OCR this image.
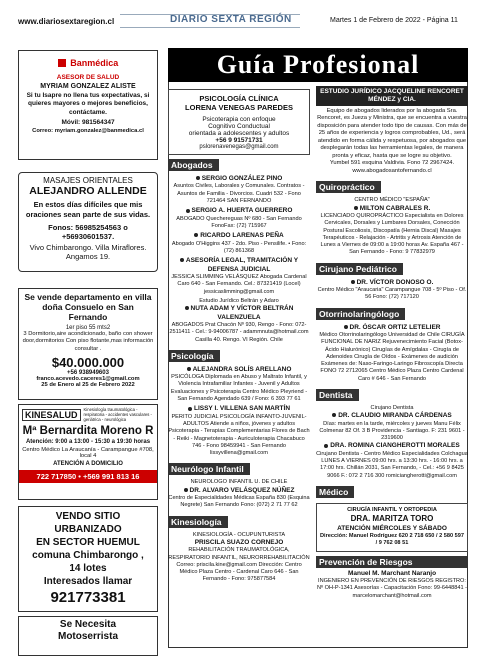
www.diariosextaregion.cl	DIARIO SEXTA REGIÓN	Martes 1 de Febrero de 2022 - Página 11
Banmédica
ASESOR DE SALUD
MYRIAM GONZALEZ ALISTE
Si tu Isapre no llena tus expectativas, si quieres mayores o mejores beneficios, contáctame.
Móvil: 981564347
Correo: myriam.gonzalez@banmedica.cl
MASAJES ORIENTALES
ALEJANDRO ALLENDE
En estos días difíciles que mis oraciones sean parte de sus vidas.
Fonos: 56985254563 o +56930601537.
Vivo Chimbarongo. Villa Miraflores. Angamos 19.
Se vende departamento en villa doña Consuelo en San Fernando
1er piso 55 mts2
3 Dormitorio,aire acondicionado, baño con shower door,dormitorios Con piso flotante,mas información consultar .
$40.000.000
+56 938949603
franco.acevedo.caceres1@gmail.com
25 de Enero al 25 de Febrero 2022
KINESALUD
Kinesiología traumatológica - respiratoria - accidentes vasculares - geriátrica - neurológica
Mª Bernardita Moreno R
Atención: 9:00 a 13:00 - 15:30 a 19:30 horas
Centro Médico La Araucanía - Carampangue #708, local 4
ATENCIÓN A DOMICILIO
722 717850 • +569 991 813 16
VENDO SITIO URBANIZADO
EN SECTOR HUEMUL
comuna Chimbarongo ,
14 lotes
Interesados llamar
921773381
Se Necesita
Motoserrista
Guía Profesional
PSICOLOGÍA CLÍNICA
LORENA VENEGAS PAREDES
Psicoterapia con enfoque
Cognitivo Conductual
orientada a adolescentes y adultos
+56 9 91571731
pslorenavenegas@gmail.com
Abogados
SERGIO GONZÁLEZ PINO
Asuntos Civiles, Laborales y Comunales. Contratos - Asuntos de Familia - Divorcios. Cuadri 532 - Fono 721464 SAN FERNANDO
SERGIO A. HUERTA GUERRERO
ABOGADO Quechereguas Nº 680 - San Fernando FonoFax: (72) 715967
RICARDO LARENAS PEÑA
Abogado O'Higgins 437 - 2do. Piso - Pensilife. • Fono: (72) 861368
ASESORÍA LEGAL, TRAMITACIÓN Y DEFENSA JUDICIAL
JESSICA SLIMMING VELÁSQUEZ Abogada Cardenal Caro 640 - San Fernando. Cel.: 87321419 (Locel) jessicaslimming@gmail.com
Estudio Jurídico Beltrán y Adaro
NUTA ADAM Y VÍCTOR BELTRÁN VALENZUELA
ABOGADOS Prat Chacón Nº 930, Rengo - Fono: 072-2511411 - Cel.: 9-94006787 - adammnuta@hotmail.com Casilla 40. Rengo. VI Región. Chile
Psicología
ALEJANDRA SOLÍS ARELLANO
PSICÓLOGA Diplomada en Abuso y Maltrato Infantil, y Violencia Intrafamiliar Infantes - Juvenil y Adultos Evaluaciones y Psicoterapia Centro Médico Pleyriend - San Fernando Agendado 639 / Fono: 6 393 77 61
LISSY I. VILLENA SAN MARTÍN
PERITO JUDICIAL PSICOLOGÍA INFANTO-JUVENIL-ADULTOS Atiende a niños, jóvenes y adultos Psicoterapia - Terapias Complementarias Flores de Bach - Reiki - Magnetoterapia - Auriculoterapia Chacabuco 746 - Fono 98459941 - San Fernando lissyvillena@gmail.com
Neurólogo Infantil
NEUROLOGO INFANTIL U. DE CHILE
DR. ALVARO VELÁSQUEZ NÚÑEZ
Centro de Especialidades Médicas España 830 (Esquina Negrete) San Fernando Fono: (072) 2 71 77 62
Kinesiología
KINESIOLOGÍA - OCUPUNTURISTA
PRISCILA SUAZO CORNEJO
REHABILITACIÓN TRAUMATOLÓGICA, RESPIRATORIO INFANTIL, NEURORREHABILITACIÓN Correo: priscila.kine@gmail.com Dirección: Centro Médico Plaza Centro - Cardenal Caro 646 - San Fernando - Fono: 975877584
ESTUDIO JURÍDICO JACQUELINE RENCORET MÉNDEZ y CIA.
Equipo de abogados liderados por la abogada Sra. Rencoret, es Jueza y Ministra, que se encuentra a vuestra disposición para atender todo tipo de causas. Con más de 25 años de experiencia y logros comprobables, Ud., será atendido en forma cálida y respetuosa, por abogados que desplegarán todas las herramientas legales, de manera pronta y eficaz, hasta que se logre su objetivo.
Yumbel 591 esquina Valdivia. Fono 72 2967424.
www.abogadosantofernando.cl
Quiropráctico
CENTRO MÉDICO "ESPAÑA"
MILTON CABRALES R.
LICENCIADO QUIROPRÁCTICO Especialista en Dolores Cervicales, Dorsales y Lumbares Dorsales, Conección Postural Escoliosis, Discopatía (Hernia Discal) Masajes Terapéuticos - Relajación - Artritis y Artrosis Atención de Lunes a Viernes de 09:00 a 19:00 horas Av. España 467 - San Fernando - Fono: 9 77832979
Cirujano Pediátrico
DR. VÍCTOR DONOSO O.
Centro Médico "Araucaria" Carampangue 708 - 5º Piso - Of. 56 Fono: (72) 717120
Otorrinolaringólogo
DR. ÓSCAR ORTIZ LETELIER
Médico Otorrinolaringólogo Universidad de Chile CIRUGÍA FUNCIONAL DE NARIZ Rejuvenecimiento Facial (Botox-Ácido Hialurónico) Cirugías de Amígdalas - Cirugía de Adenoides Cirugía de Oídos - Exámenes de audición Exámenes de: Naso-Faringo-Laringo Fibroscopía Directa FONO 72 2712065 Centro Médico Plaza Centro Cardenal Caro # 646 - San Fernando
Dentista
Cirujano Dentista
DR. CLAUDIO MIRANDA CÁRDENAS
Días: martes en la tarde, miércoles y jueves Manu Félix Colmenar 82 Of. 3 B Providencia - Santiago. F: 231 9601 - 2319600
DRA. ROMINA CIANGHEROTTI MORALES
Cirujano Dentista - Centro Médico Especialidades Colchagua LUNES A VIERNES 09:00 hrs. a 13:30 hrs. - 16:00 hrs. a 17:00 hrs. Chillán 2031, San Fernando, - Cel.: +56 9 8425 9066 F.: 072 2 716 300 romiciangherotti@gmail.com
Médico
CIRUGÍA INFANTIL Y ORTOPEDIA
DRA. MARITZA TORO
ATENCIÓN MIÉRCOLES Y SÁBADO
Dirección: Manuel Rodríguez 620 2 718 650 / 2 580 597 / 9 762 08 51
Prevención de Riesgos
Manuel M. Marchant Naranjo
INGENIERO EN PREVENCIÓN DE RIESGOS REGISTRO: Nº OH-P-1341 Asesorías - Capacitación Fono: 99-6448841 - marcelomarchant@hotmail.com
